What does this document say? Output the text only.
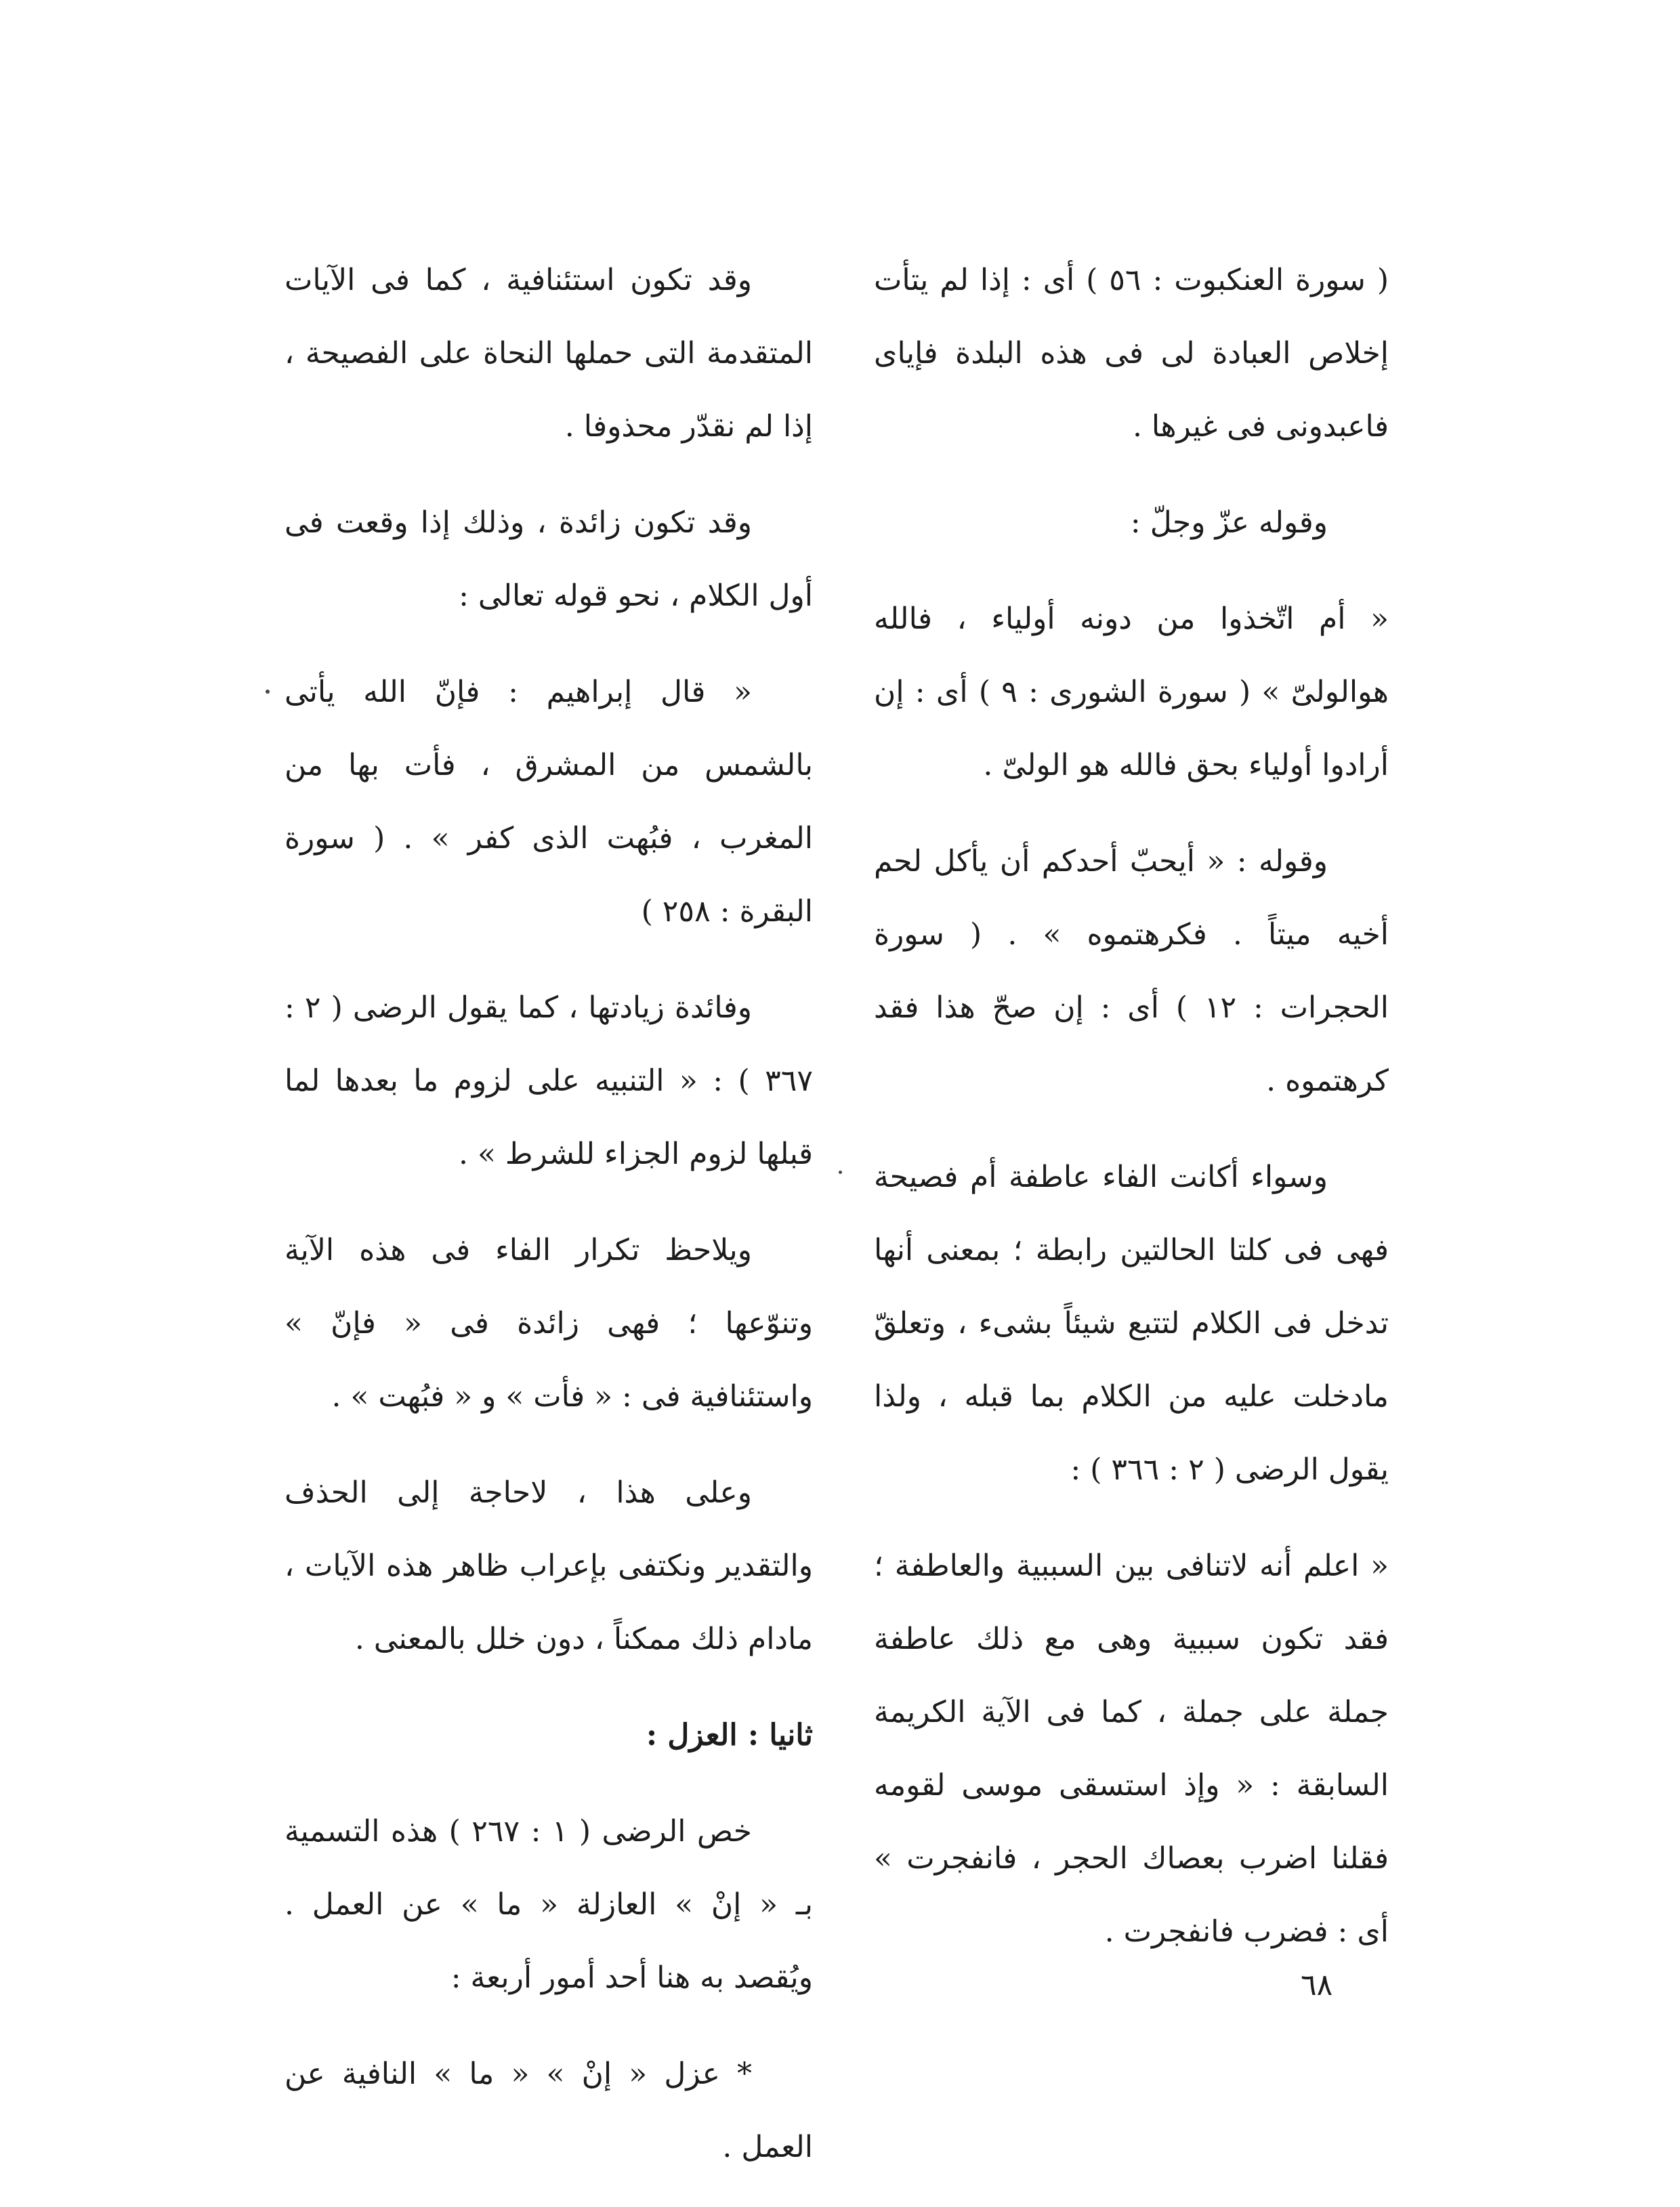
( سورة العنكبوت : ٥٦ ) أى : إذا لم يتأت إخلاص العبادة لى فى هذه البلدة فإياى فاعبدونى فى غيرها .

وقوله عزّ وجلّ :

« أم اتّخذوا من دونه أولياء ، فالله هوالولىّ » ( سورة الشورى : ٩ ) أى : إن أرادوا أولياء بحق فالله هو الولىّ .

وقوله : « أيحبّ أحدكم أن يأكل لحم أخيه ميتاً . فكرهتموه » . ( سورة الحجرات : ١٢ ) أى : إن صحّ هذا فقد كرهتموه .

وسواء أكانت الفاء عاطفة أم فصيحة فهى فى كلتا الحالتين رابطة ؛ بمعنى أنها تدخل فى الكلام لتتبع شيئاً بشىء ، وتعلقّ مادخلت عليه من الكلام بما قبله ، ولذا يقول الرضى ( ٢ : ٣٦٦ ) :

« اعلم أنه لاتنافى بين السببية والعاطفة ؛ فقد تكون سببية وهى مع ذلك عاطفة جملة على جملة ، كما فى الآية الكريمة السابقة : « وإذ استسقى موسى لقومه فقلنا اضرب بعصاك الحجر ، فانفجرت » أى : فضرب فانفجرت .

وقد تكون استئنافية ، كما فى الآيات المتقدمة التى حملها النحاة على الفصيحة ، إذا لم نقدّر محذوفا .

وقد تكون زائدة ، وذلك إذا وقعت فى أول الكلام ، نحو قوله تعالى :

« قال إبراهيم : فإنّ الله يأتى بالشمس من المشرق ، فأت بها من المغرب ، فبُهت الذى كفر » . ( سورة البقرة : ٢٥٨ )

وفائدة زيادتها ، كما يقول الرضى ( ٢ : ٣٦٧ ) : « التنبيه على لزوم ما بعدها لما قبلها لزوم الجزاء للشرط » .

ويلاحظ تكرار الفاء فى هذه الآية وتنوّعها ؛ فهى زائدة فى « فإنّ » واستئنافية فى : « فأت » و « فبُهت » .

وعلى هذا ، لاحاجة إلى الحذف والتقدير ونكتفى بإعراب ظاهر هذه الآيات ، مادام ذلك ممكناً ، دون خلل بالمعنى .

ثانيا : العزل :

خص الرضى ( ١ : ٢٦٧ ) هذه التسمية بـ « إنْ » العازلة « ما » عن العمل . ويُقصد به هنا أحد أمور أربعة :

* عزل « إنْ » « ما » النافية عن العمل .

٦٨
